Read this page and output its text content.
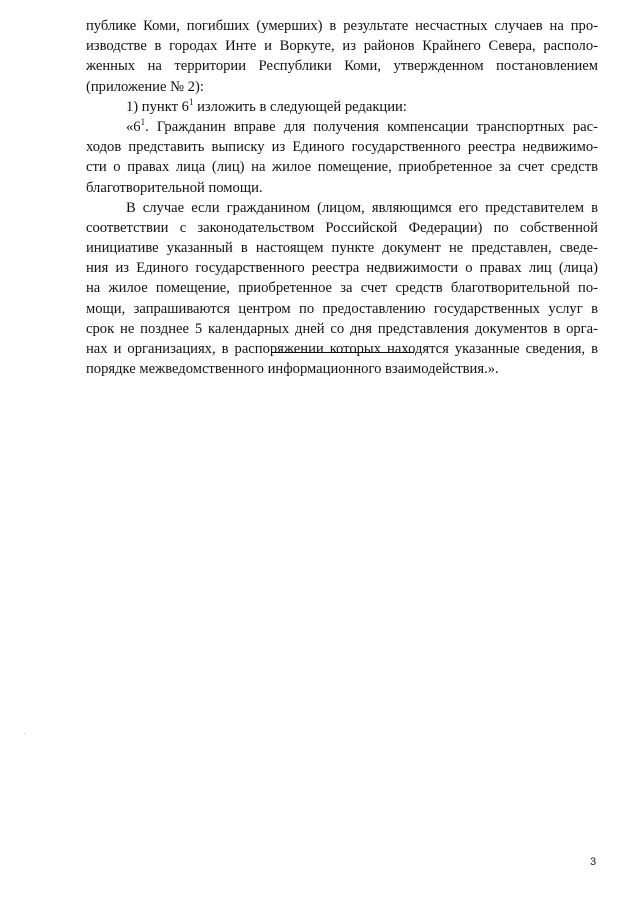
публике Коми, погибших (умерших) в результате несчастных случаев на про-
изводстве в городах Инте и Воркуте, из районов Крайнего Севера, располо-
женных на территории Республики Коми, утвержденном постановлением
(приложение № 2):
1) пункт $6^1$ изложить в следующей редакции:
«$6^1$. Гражданин вправе для получения компенсации транспортных рас-
ходов представить выписку из Единого государственного реестра недвижимо-
сти о правах лица (лиц) на жилое помещение, приобретенное за счет средств
благотворительной помощи.
В случае если гражданином (лицом, являющимся его представителем в
соответствии с законодательством Российской Федерации) по собственной
инициативе указанный в настоящем пункте документ не представлен, сведе-
ния из Единого государственного реестра недвижимости о правах лиц (лица)
на жилое помещение, приобретенное за счет средств благотворительной по-
мощи, запрашиваются центром по предоставлению государственных услуг в
срок не позднее 5 календарных дней со дня представления документов в орга-
нах и организациях, в распоряжении которых находятся указанные сведения, в
порядке межведомственного информационного взаимодействия.».
3
